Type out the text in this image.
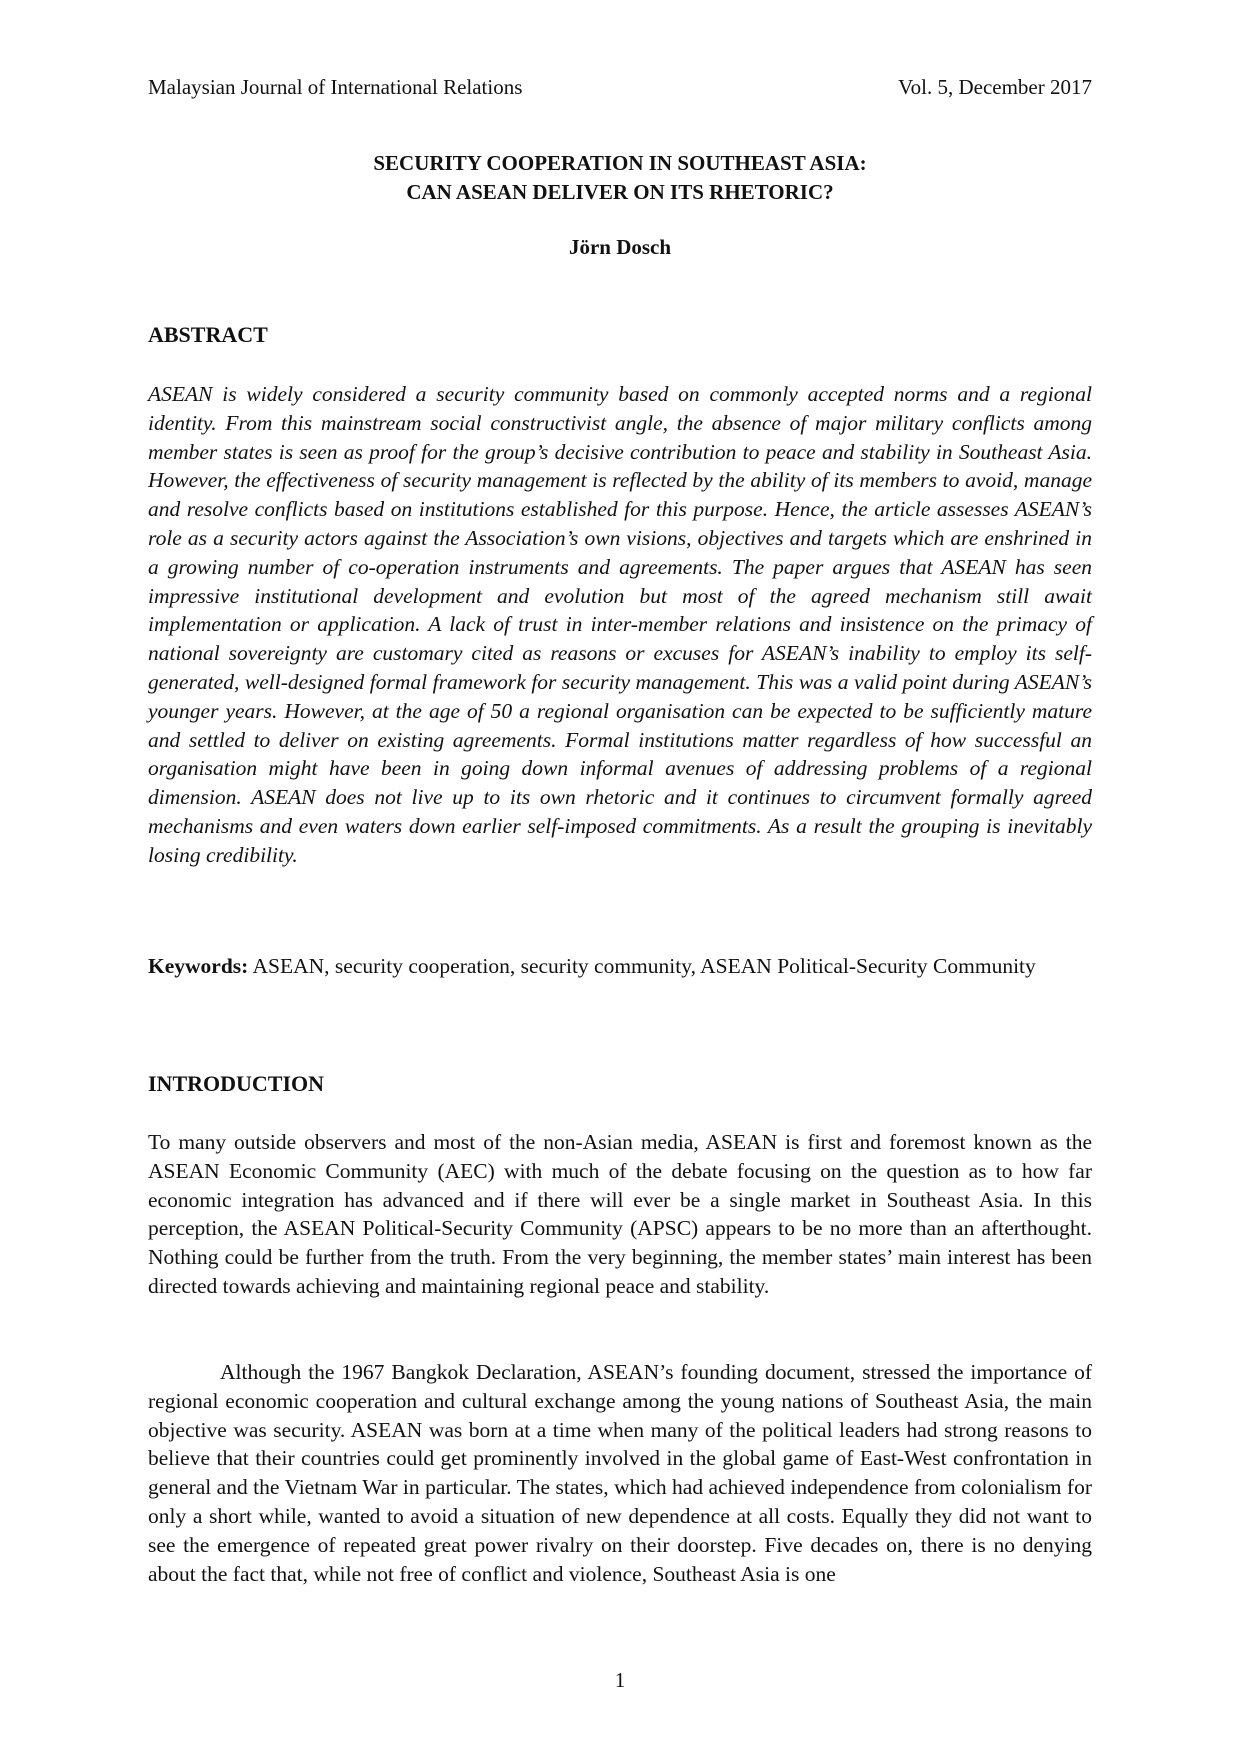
Malaysian Journal of International Relations	Vol. 5, December 2017
SECURITY COOPERATION IN SOUTHEAST ASIA:
CAN ASEAN DELIVER ON ITS RHETORIC?
Jörn Dosch
ABSTRACT

ASEAN is widely considered a security community based on commonly accepted norms and a regional identity. From this mainstream social constructivist angle, the absence of major military conflicts among member states is seen as proof for the group’s decisive contribution to peace and stability in Southeast Asia. However, the effectiveness of security management is reflected by the ability of its members to avoid, manage and resolve conflicts based on institutions established for this purpose. Hence, the article assesses ASEAN’s role as a security actors against the Association’s own visions, objectives and targets which are enshrined in a growing number of co-operation instruments and agreements. The paper argues that ASEAN has seen impressive institutional development and evolution but most of the agreed mechanism still await implementation or application. A lack of trust in inter-member relations and insistence on the primacy of national sovereignty are customary cited as reasons or excuses for ASEAN’s inability to employ its self-generated, well-designed formal framework for security management. This was a valid point during ASEAN’s younger years. However, at the age of 50 a regional organisation can be expected to be sufficiently mature and settled to deliver on existing agreements. Formal institutions matter regardless of how successful an organisation might have been in going down informal avenues of addressing problems of a regional dimension. ASEAN does not live up to its own rhetoric and it continues to circumvent formally agreed mechanisms and even waters down earlier self-imposed commitments. As a result the grouping is inevitably losing credibility.

Keywords: ASEAN, security cooperation, security community, ASEAN Political-Security Community

INTRODUCTION

To many outside observers and most of the non-Asian media, ASEAN is first and foremost known as the ASEAN Economic Community (AEC) with much of the debate focusing on the question as to how far economic integration has advanced and if there will ever be a single market in Southeast Asia. In this perception, the ASEAN Political-Security Community (APSC) appears to be no more than an afterthought. Nothing could be further from the truth. From the very beginning, the member states’ main interest has been directed towards achieving and maintaining regional peace and stability.

Although the 1967 Bangkok Declaration, ASEAN’s founding document, stressed the importance of regional economic cooperation and cultural exchange among the young nations of Southeast Asia, the main objective was security. ASEAN was born at a time when many of the political leaders had strong reasons to believe that their countries could get prominently involved in the global game of East-West confrontation in general and the Vietnam War in particular. The states, which had achieved independence from colonialism for only a short while, wanted to avoid a situation of new dependence at all costs. Equally they did not want to see the emergence of repeated great power rivalry on their doorstep. Five decades on, there is no denying about the fact that, while not free of conflict and violence, Southeast Asia is one

1
